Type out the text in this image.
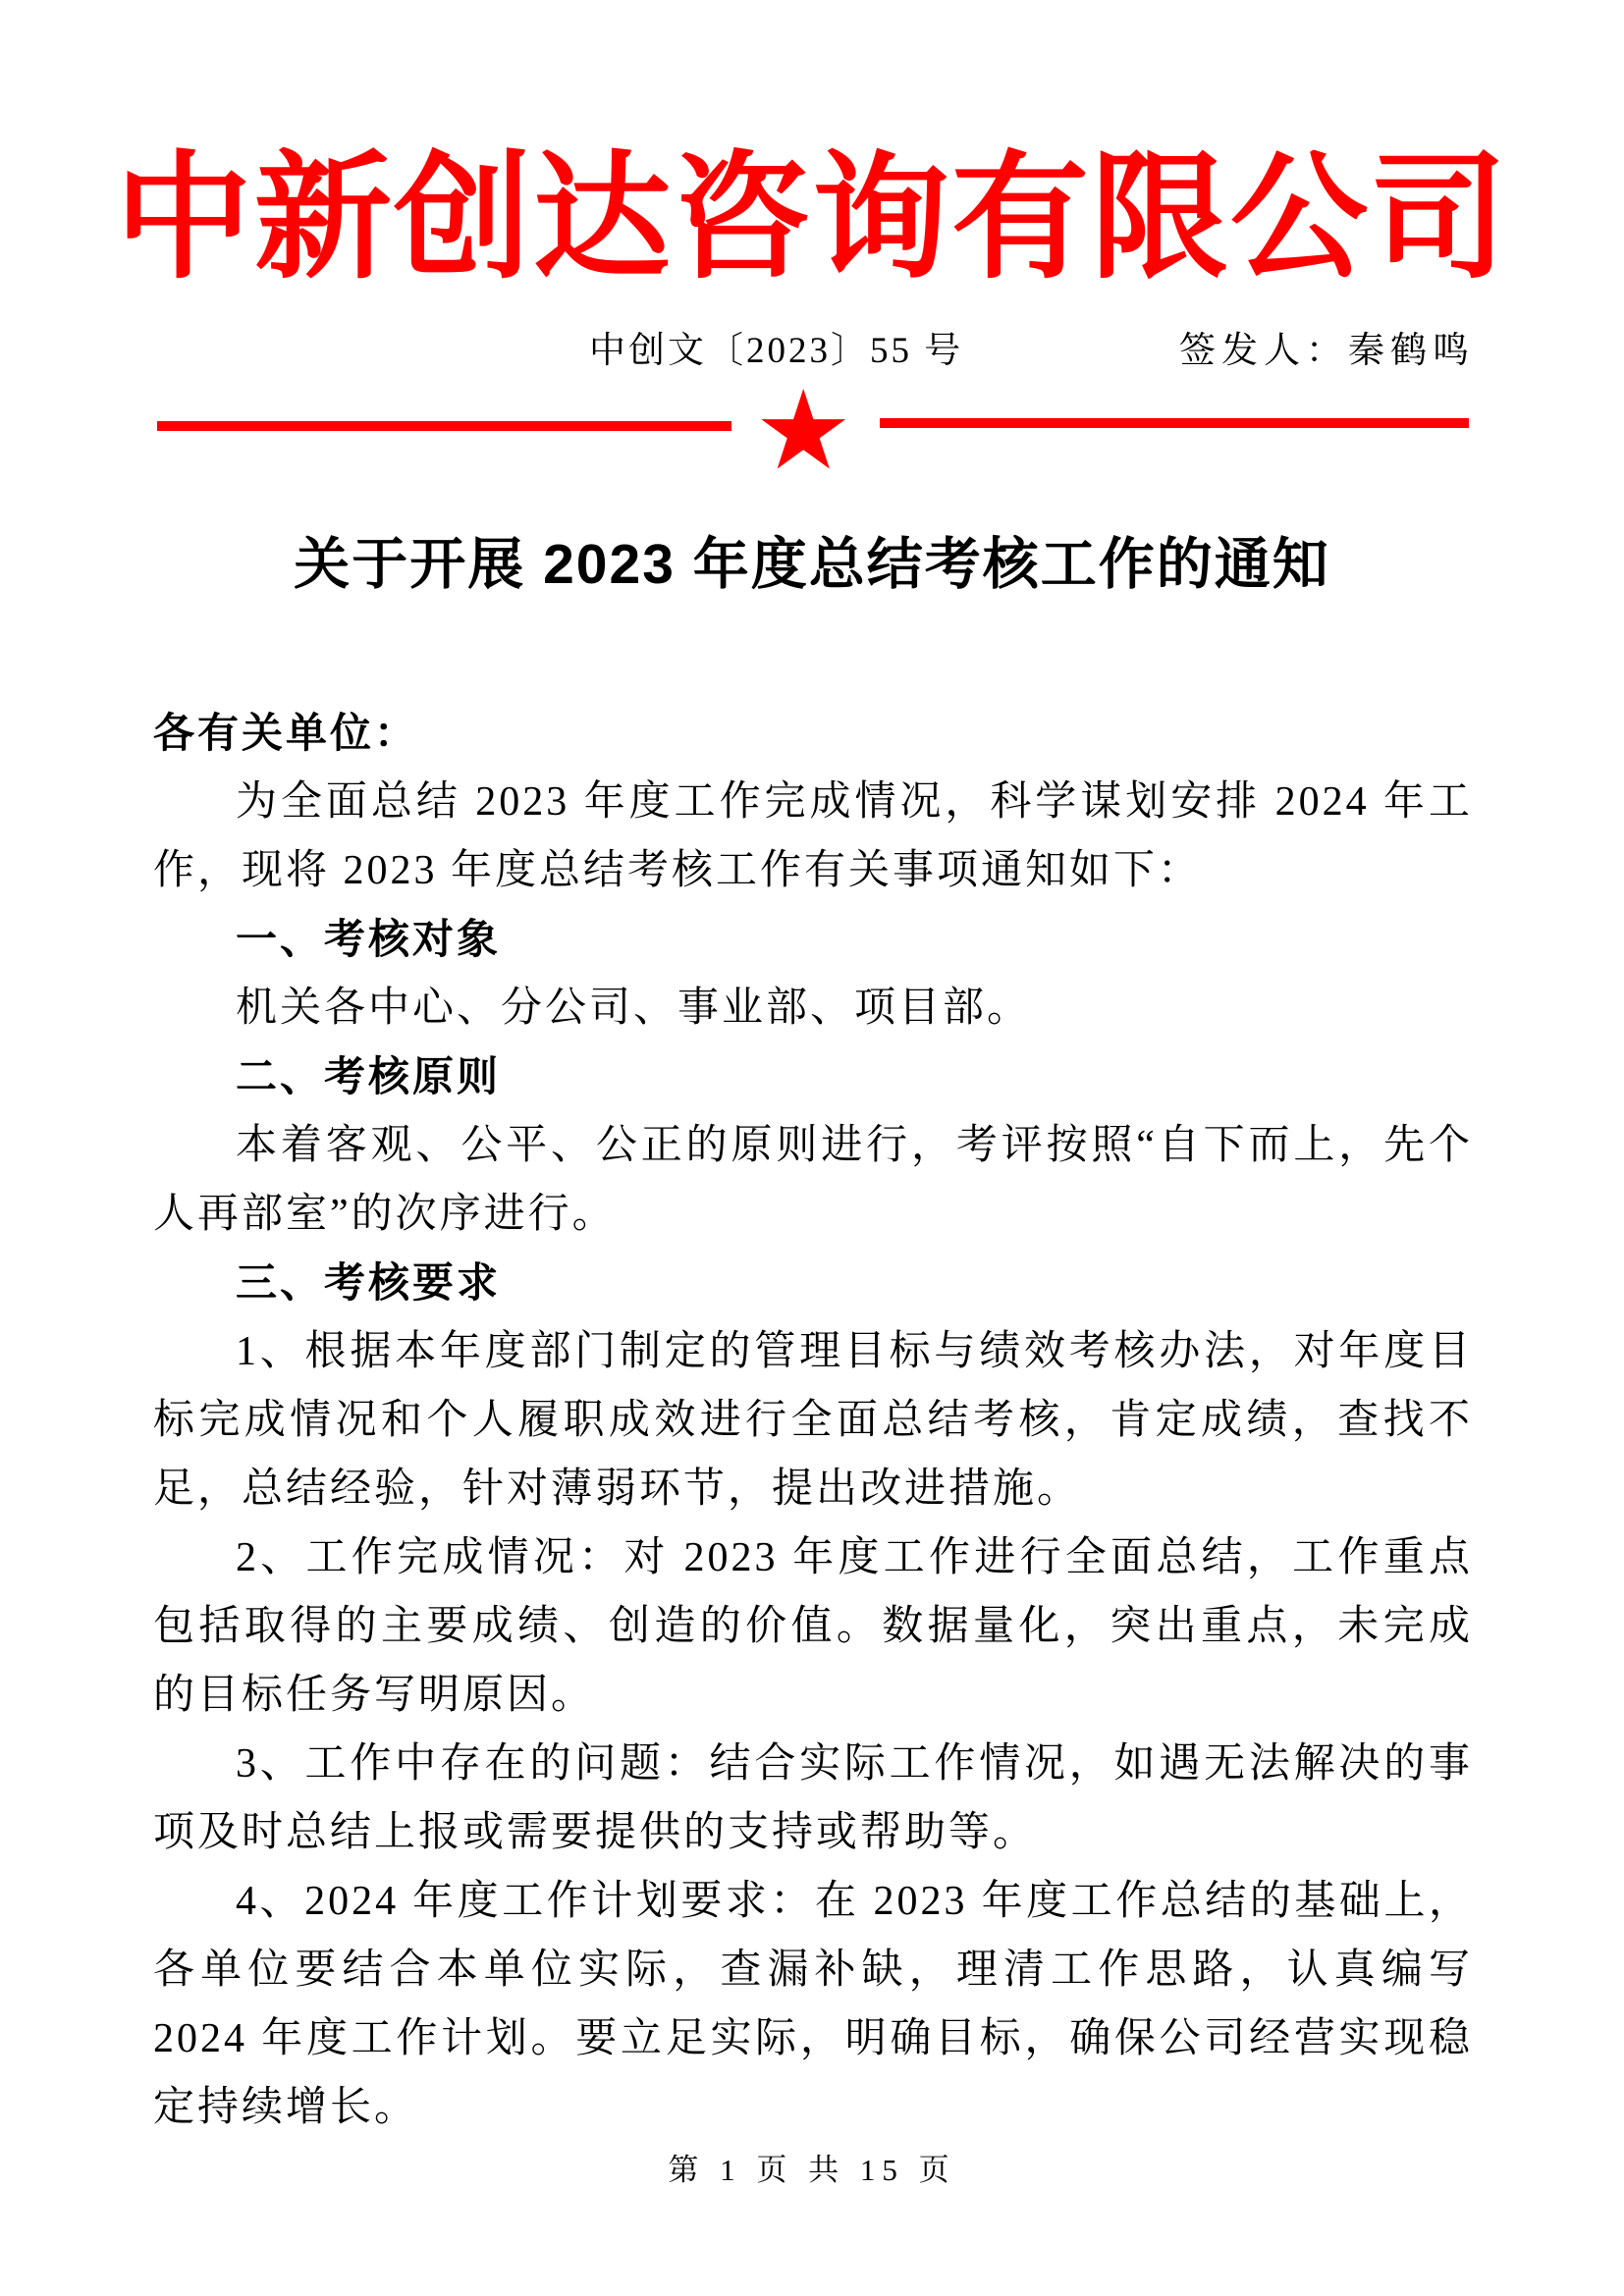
中新创达咨询有限公司
中创文〔2023〕55 号	签发人：秦鹤鸣
★
关于开展 2023 年度总结考核工作的通知
各有关单位：
为全面总结 2023 年度工作完成情况，科学谋划安排 2024 年工作，现将 2023 年度总结考核工作有关事项通知如下：
一、考核对象
机关各中心、分公司、事业部、项目部。
二、考核原则
本着客观、公平、公正的原则进行，考评按照“自下而上，先个人再部室”的次序进行。
三、考核要求
1、根据本年度部门制定的管理目标与绩效考核办法，对年度目标完成情况和个人履职成效进行全面总结考核，肯定成绩，查找不足，总结经验，针对薄弱环节，提出改进措施。
2、工作完成情况：对 2023 年度工作进行全面总结，工作重点包括取得的主要成绩、创造的价值。数据量化，突出重点，未完成的目标任务写明原因。
3、工作中存在的问题：结合实际工作情况，如遇无法解决的事项及时总结上报或需要提供的支持或帮助等。
4、2024 年度工作计划要求：在 2023 年度工作总结的基础上，各单位要结合本单位实际，查漏补缺，理清工作思路，认真编写 2024 年度工作计划。要立足实际，明确目标，确保公司经营实现稳定持续增长。
第 1 页 共 15 页
